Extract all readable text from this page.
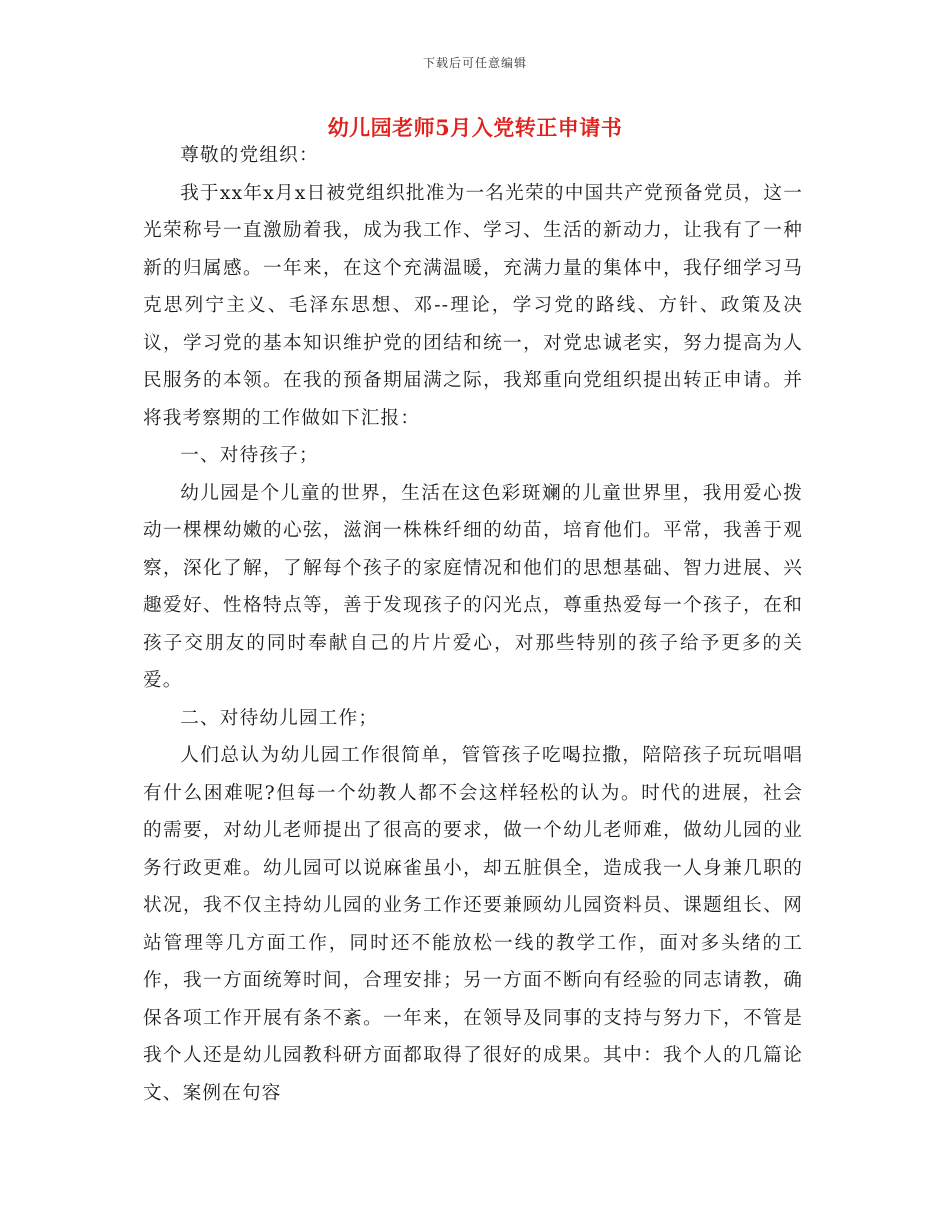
下载后可任意编辑
幼儿园老师5月入党转正申请书

尊敬的党组织：

我于xx年x月x日被党组织批准为一名光荣的中国共产党预备党员，这一光荣称号一直激励着我，成为我工作、学习、生活的新动力，让我有了一种新的归属感。一年来，在这个充满温暖，充满力量的集体中，我仔细学习马克思列宁主义、毛泽东思想、邓--理论，学习党的路线、方针、政策及决议，学习党的基本知识维护党的团结和统一，对党忠诚老实，努力提高为人民服务的本领。在我的预备期届满之际，我郑重向党组织提出转正申请。并将我考察期的工作做如下汇报：

一、对待孩子；

幼儿园是个儿童的世界，生活在这色彩斑斓的儿童世界里，我用爱心拨动一棵棵幼嫩的心弦，滋润一株株纤细的幼苗，培育他们。平常，我善于观察，深化了解，了解每个孩子的家庭情况和他们的思想基础、智力进展、兴趣爱好、性格特点等，善于发现孩子的闪光点，尊重热爱每一个孩子，在和孩子交朋友的同时奉献自己的片片爱心，对那些特别的孩子给予更多的关爱。

二、对待幼儿园工作；

人们总认为幼儿园工作很简单，管管孩子吃喝拉撒，陪陪孩子玩玩唱唱有什么困难呢?但每一个幼教人都不会这样轻松的认为。时代的进展，社会的需要，对幼儿老师提出了很高的要求，做一个幼儿老师难，做幼儿园的业务行政更难。幼儿园可以说麻雀虽小，却五脏俱全，造成我一人身兼几职的状况，我不仅主持幼儿园的业务工作还要兼顾幼儿园资料员、课题组长、网站管理等几方面工作，同时还不能放松一线的教学工作，面对多头绪的工作，我一方面统筹时间，合理安排；另一方面不断向有经验的同志请教，确保各项工作开展有条不紊。一年来，在领导及同事的支持与努力下，不管是我个人还是幼儿园教科研方面都取得了很好的成果。其中：我个人的几篇论文、案例在句容
